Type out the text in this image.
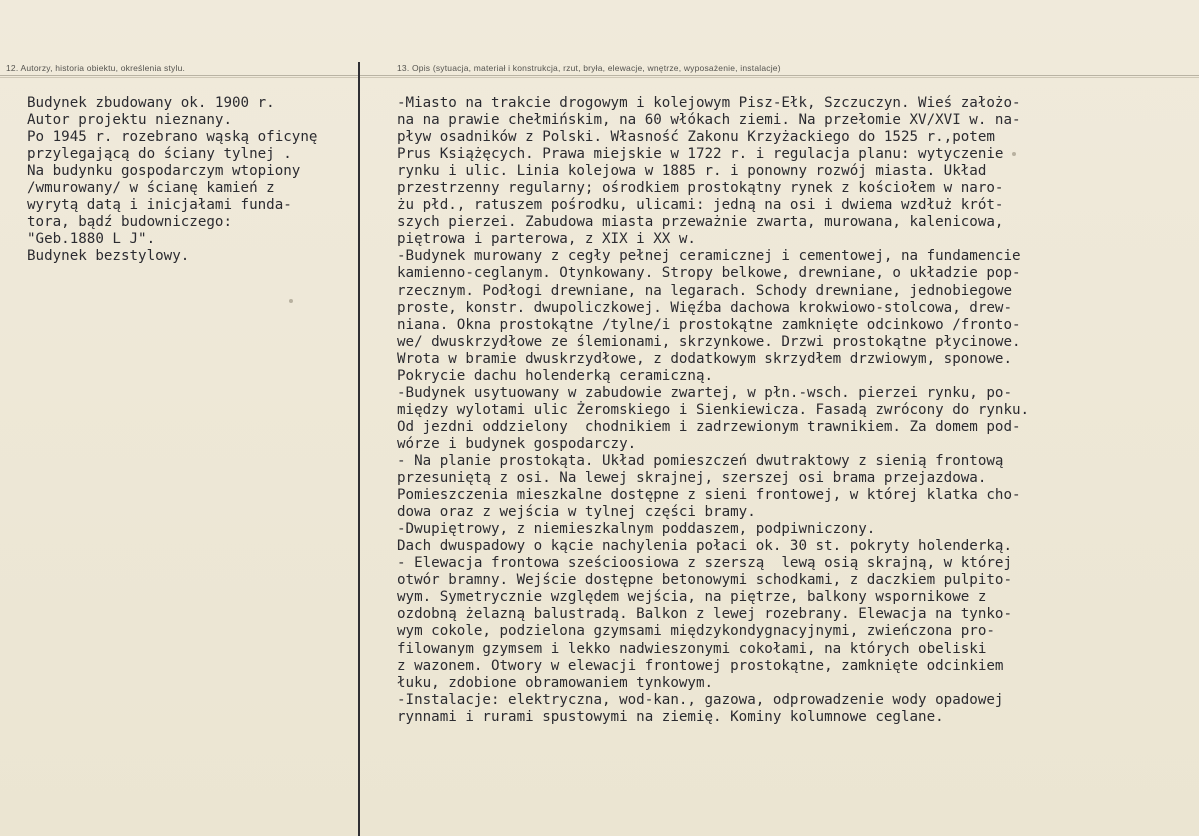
12. Autorzy, historia obiektu, określenia stylu.	13. Opis (sytuacja, materiał i konstrukcja, rzut, bryła, elewacje, wnętrze, wyposażenie, instalacje)
Budynek zbudowany ok. 1900 r.
Autor projektu nieznany.
Po 1945 r. rozebrano wąską oficynę
przylegającą do ściany tylnej .
Na budynku gospodarczym wtopiony
/wmurowany/ w ścianę kamień z
wyrytą datą i inicjałami funda-
tora, bądź budowniczego:
"Geb.1880 L J".
Budynek bezstylowy.
-Miasto na trakcie drogowym i kolejowym Pisz-Ełk, Szczuczyn. Wieś założo-
na na prawie chełmińskim, na 60 włókach ziemi. Na przełomie XV/XVI w. na-
pływ osadników z Polski. Własność Zakonu Krzyżackiego do 1525 r.,potem
Prus Książęcych. Prawa miejskie w 1722 r. i regulacja planu: wytyczenie
rynku i ulic. Linia kolejowa w 1885 r. i ponowny rozwój miasta. Układ
przestrzenny regularny; ośrodkiem prostokątny rynek z kościołem w naro-
żu płd., ratuszem pośrodku, ulicami: jedną na osi i dwiema wzdłuż krót-
szych pierzei. Zabudowa miasta przeważnie zwarta, murowana, kalenicowa,
piętrowa i parterowa, z XIX i XX w.
-Budynek murowany z cegły pełnej ceramicznej i cementowej, na fundamencie
kamienno-ceglanym. Otynkowany. Stropy belkowe, drewniane, o układzie pop-
rzecznym. Podłogi drewniane, na legarach. Schody drewniane, jednobiegowe
proste, konstr. dwupoliczkowej. Więźba dachowa krokwiowo-stolcowa, drew-
niana. Okna prostokątne /tylne/i prostokątne zamknięte odcinkowo /fronto-
we/ dwuskrzydłowe ze ślemionami, skrzynkowe. Drzwi prostokątne płycinowe.
Wrota w bramie dwuskrzydłowe, z dodatkowym skrzydłem drzwiowym, sponowe.
Pokrycie dachu holenderką ceramiczną.
-Budynek usytuowany w zabudowie zwartej, w płn.-wsch. pierzei rynku, po-
między wylotami ulic Żeromskiego i Sienkiewicza. Fasadą zwrócony do rynku.
Od jezdni oddzielony  chodnikiem i zadrzewionym trawnikiem. Za domem pod-
wórze i budynek gospodarczy.
- Na planie prostokąta. Układ pomieszczeń dwutraktowy z sienią frontową
przesuniętą z osi. Na lewej skrajnej, szerszej osi brama przejazdowa.
Pomieszczenia mieszkalne dostępne z sieni frontowej, w której klatka cho-
dowa oraz z wejścia w tylnej części bramy.
-Dwupiętrowy, z niemieszkalnym poddaszem, podpiwniczony.
Dach dwuspadowy o kącie nachylenia połaci ok. 30 st. pokryty holenderką.
- Elewacja frontowa sześcioosiowa z szerszą  lewą osią skrajną, w której
otwór bramny. Wejście dostępne betonowymi schodkami, z daczkiem pulpito-
wym. Symetrycznie względem wejścia, na piętrze, balkony wspornikowe z
ozdobną żelazną balustradą. Balkon z lewej rozebrany. Elewacja na tynko-
wym cokole, podzielona gzymsami międzykondygnacyjnymi, zwieńczona pro-
filowanym gzymsem i lekko nadwieszonymi cokołami, na których obeliski
z wazonem. Otwory w elewacji frontowej prostokątne, zamknięte odcinkiem
łuku, zdobione obramowaniem tynkowym.
-Instalacje: elektryczna, wod-kan., gazowa, odprowadzenie wody opadowej
rynnami i rurami spustowymi na ziemię. Kominy kolumnowe ceglane.
